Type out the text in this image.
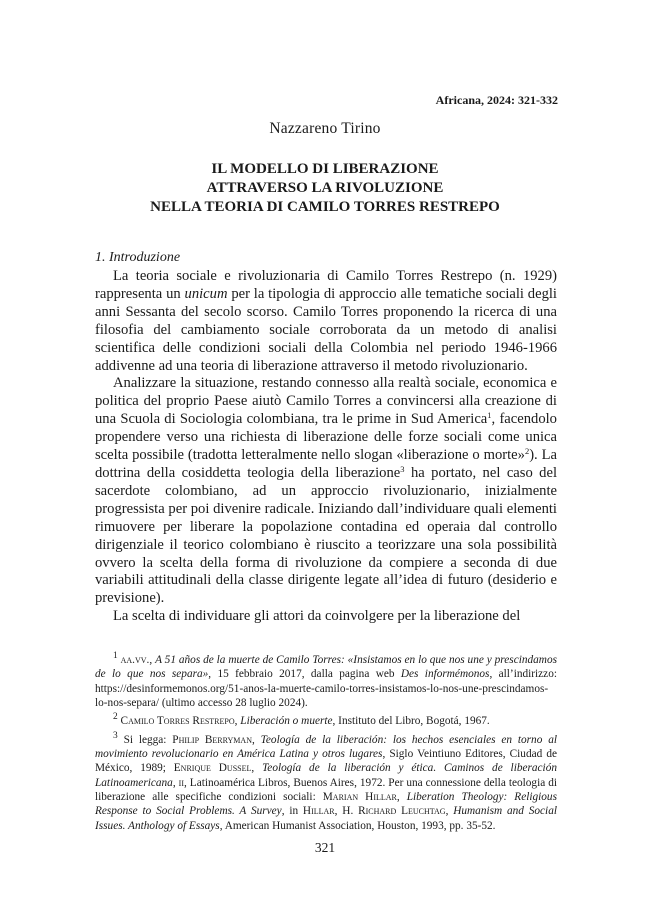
Africana, 2024: 321-332
Nazzareno Tirino
IL MODELLO DI LIBERAZIONE
ATTRAVERSO LA RIVOLUZIONE
NELLA TEORIA DI CAMILO TORRES RESTREPO
1. Introduzione

La teoria sociale e rivoluzionaria di Camilo Torres Restrepo (n. 1929) rappresenta un unicum per la tipologia di approccio alle tematiche sociali degli anni Sessanta del secolo scorso. Camilo Torres proponendo la ricerca di una filosofia del cambiamento sociale corroborata da un metodo di analisi scientifica delle condizioni sociali della Colombia nel periodo 1946-1966 addivenne ad una teoria di liberazione attraverso il metodo rivoluzionario.

Analizzare la situazione, restando connesso alla realtà sociale, economica e politica del proprio Paese aiutò Camilo Torres a convincersi alla creazione di una Scuola di Sociologia colombiana, tra le prime in Sud America$^1$, facendolo propendere verso una richiesta di liberazione delle forze sociali come unica scelta possibile (tradotta letteralmente nello slogan «liberazione o morte»$^2$). La dottrina della cosiddetta teologia della liberazione$^3$ ha portato, nel caso del sacerdote colombiano, ad un approccio rivoluzionario, inizialmente progressista per poi divenire radicale. Iniziando dall’individuare quali elementi rimuovere per liberare la popolazione contadina ed operaia dal controllo dirigenziale il teorico colombiano è riuscito a teorizzare una sola possibilità ovvero la scelta della forma di rivoluzione da compiere a seconda di due variabili attitudinali della classe dirigente legate all’idea di futuro (desiderio e previsione).

La scelta di individuare gli attori da coinvolgere per la liberazione del

$^1$ aa.vv., A 51 años de la muerte de Camilo Torres: «Insistamos en lo que nos une y prescindamos de lo que nos separa», 15 febbraio 2017, dalla pagina web Des informémonos, all’indirizzo: https://desinformemonos.org/51-anos-la-muerte-camilo-torres-insistamos-lo-nos-une-prescindamos-lo-nos-separa/ (ultimo accesso 28 luglio 2024).

$^2$ Camilo Torres Restrepo, Liberación o muerte, Instituto del Libro, Bogotá, 1967.

$^3$ Si legga: Philip Berryman, Teología de la liberación: los hechos esenciales en torno al movimiento revolucionario en América Latina y otros lugares, Siglo Veintiuno Editores, Ciudad de México, 1989; Enrique Dussel, Teología de la liberación y ética. Caminos de liberación Latinoamericana, ii, Latinoamérica Libros, Buenos Aires, 1972. Per una connessione della teologia di liberazione alle specifiche condizioni sociali: Marian Hillar, Liberation Theology: Religious Response to Social Problems. A Survey, in Hillar, H. Richard Leuchtag, Humanism and Social Issues. Anthology of Essays, American Humanist Association, Houston, 1993, pp. 35-52.

321
